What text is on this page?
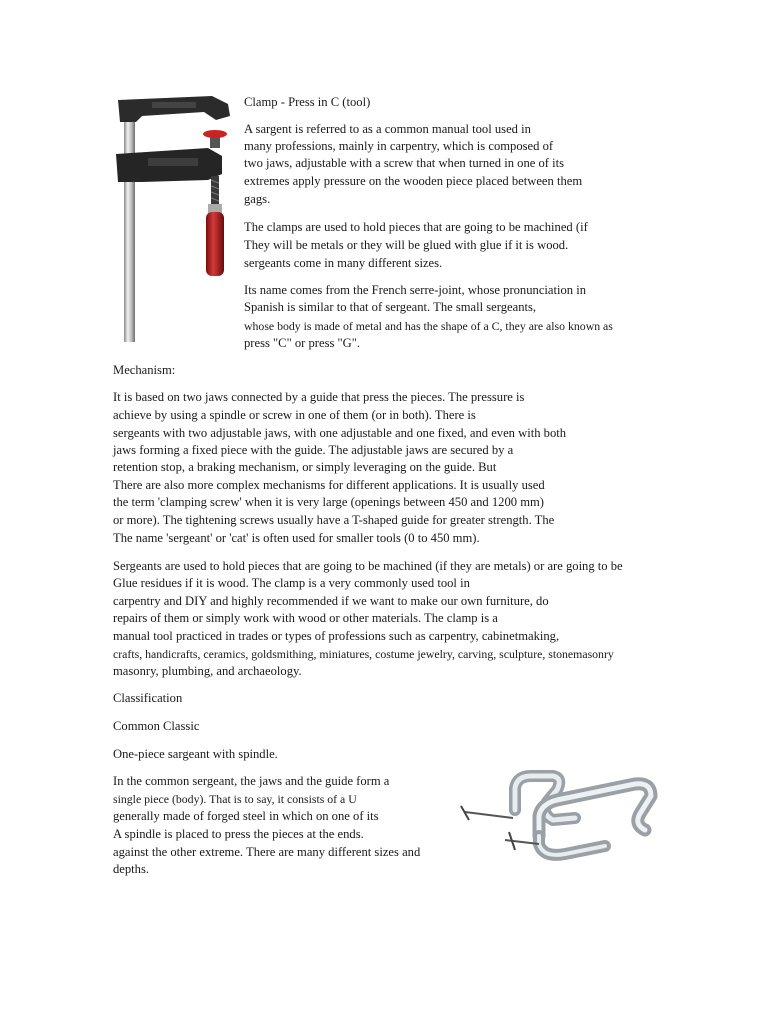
Clamp - Press in C (tool)
A sargent is referred to as a common manual tool used in
many professions, mainly in carpentry, which is composed of
two jaws, adjustable with a screw that when turned in one of its
extremes apply pressure on the wooden piece placed between them
gags.
The clamps are used to hold pieces that are going to be machined (if
They will be metals or they will be glued with glue if it is wood.
sergeants come in many different sizes.
Its name comes from the French serre-joint, whose pronunciation in
Spanish is similar to that of sergeant. The small sergeants,
whose body is made of metal and has the shape of a C, they are also known as
press "C" or press "G".
Mechanism:
It is based on two jaws connected by a guide that press the pieces. The pressure is
achieve by using a spindle or screw in one of them (or in both). There is
sergeants with two adjustable jaws, with one adjustable and one fixed, and even with both
jaws forming a fixed piece with the guide. The adjustable jaws are secured by a
retention stop, a braking mechanism, or simply leveraging on the guide. But
There are also more complex mechanisms for different applications. It is usually used
the term 'clamping screw' when it is very large (openings between 450 and 1200 mm)
or more). The tightening screws usually have a T-shaped guide for greater strength. The
The name 'sergeant' or 'cat' is often used for smaller tools (0 to 450 mm).
Sergeants are used to hold pieces that are going to be machined (if they are metals) or are going to be
Glue residues if it is wood. The clamp is a very commonly used tool in
carpentry and DIY and highly recommended if we want to make our own furniture, do
repairs of them or simply work with wood or other materials. The clamp is a
manual tool practiced in trades or types of professions such as carpentry, cabinetmaking,
crafts, handicrafts, ceramics, goldsmithing, miniatures, costume jewelry, carving, sculpture, stonemasonry
masonry, plumbing, and archaeology.
Classification
Common Classic
One-piece sargeant with spindle.
In the common sergeant, the jaws and the guide form a
single piece (body). That is to say, it consists of a U
generally made of forged steel in which on one of its
A spindle is placed to press the pieces at the ends.
against the other extreme. There are many different sizes and
depths.
